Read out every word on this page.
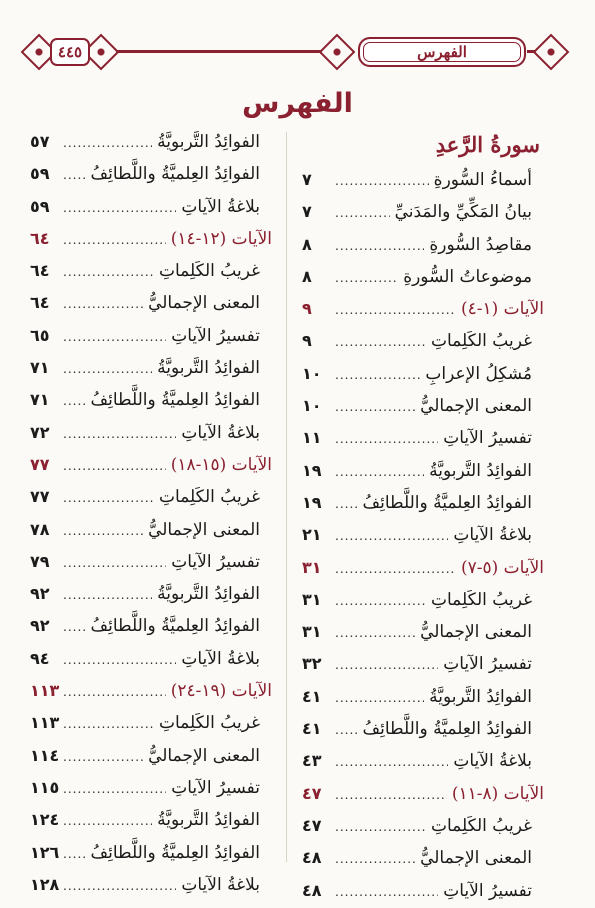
٤٤٥	الفهرس
الفهرس
سورةُ الرَّعدِ
أسماءُ السُّورةِ
.....
٧
بيانُ المَكِّيِّ والمَدَنيِّ
.....
٧
مقاصِدُ السُّورةِ
.....
٨
موضوعاتُ السُّورةِ
.....
٨
الآيات (١-٤)
.....
٩
غريبُ الكَلِماتِ
.....
٩
مُشكِلُ الإعرابِ
.....
١٠
المعنى الإجماليُّ
.....
١٠
تفسيرُ الآياتِ
.....
١١
الفوائِدُ التَّربويَّةُ
.....
١٩
الفوائِدُ العِلميَّةُ واللَّطائِفُ
.....
١٩
بلاغةُ الآياتِ
.....
٢١
الآيات (٥-٧)
.....
٣١
غريبُ الكَلِماتِ
.....
٣١
المعنى الإجماليُّ
.....
٣١
تفسيرُ الآياتِ
.....
٣٢
الفوائِدُ التَّربويَّةُ
.....
٤١
الفوائِدُ العِلميَّةُ واللَّطائِفُ
.....
٤١
بلاغةُ الآياتِ
.....
٤٣
الآيات (٨-١١)
.....
٤٧
غريبُ الكَلِماتِ
.....
٤٧
المعنى الإجماليُّ
.....
٤٨
تفسيرُ الآياتِ
.....
٤٨
الفوائِدُ التَّربويَّةُ
.....
٥٧
الفوائِدُ العِلميَّةُ واللَّطائِفُ
.....
٥٩
بلاغةُ الآياتِ
.....
٥٩
الآيات (١٢-١٤)
.....
٦٤
غريبُ الكَلِماتِ
.....
٦٤
المعنى الإجماليُّ
.....
٦٤
تفسيرُ الآياتِ
.....
٦٥
الفوائِدُ التَّربويَّةُ
.....
٧١
الفوائِدُ العِلميَّةُ واللَّطائِفُ
.....
٧١
بلاغةُ الآياتِ
.....
٧٢
الآيات (١٥-١٨)
.....
٧٧
غريبُ الكَلِماتِ
.....
٧٧
المعنى الإجماليُّ
.....
٧٨
تفسيرُ الآياتِ
.....
٧٩
الفوائِدُ التَّربويَّةُ
.....
٩٢
الفوائِدُ العِلميَّةُ واللَّطائِفُ
.....
٩٢
بلاغةُ الآياتِ
.....
٩٤
الآيات (١٩-٢٤)
.....
١١٣
غريبُ الكَلِماتِ
.....
١١٣
المعنى الإجماليُّ
.....
١١٤
تفسيرُ الآياتِ
.....
١١٥
الفوائِدُ التَّربويَّةُ
.....
١٢٤
الفوائِدُ العِلميَّةُ واللَّطائِفُ
.....
١٢٦
بلاغةُ الآياتِ
.....
١٢٨
